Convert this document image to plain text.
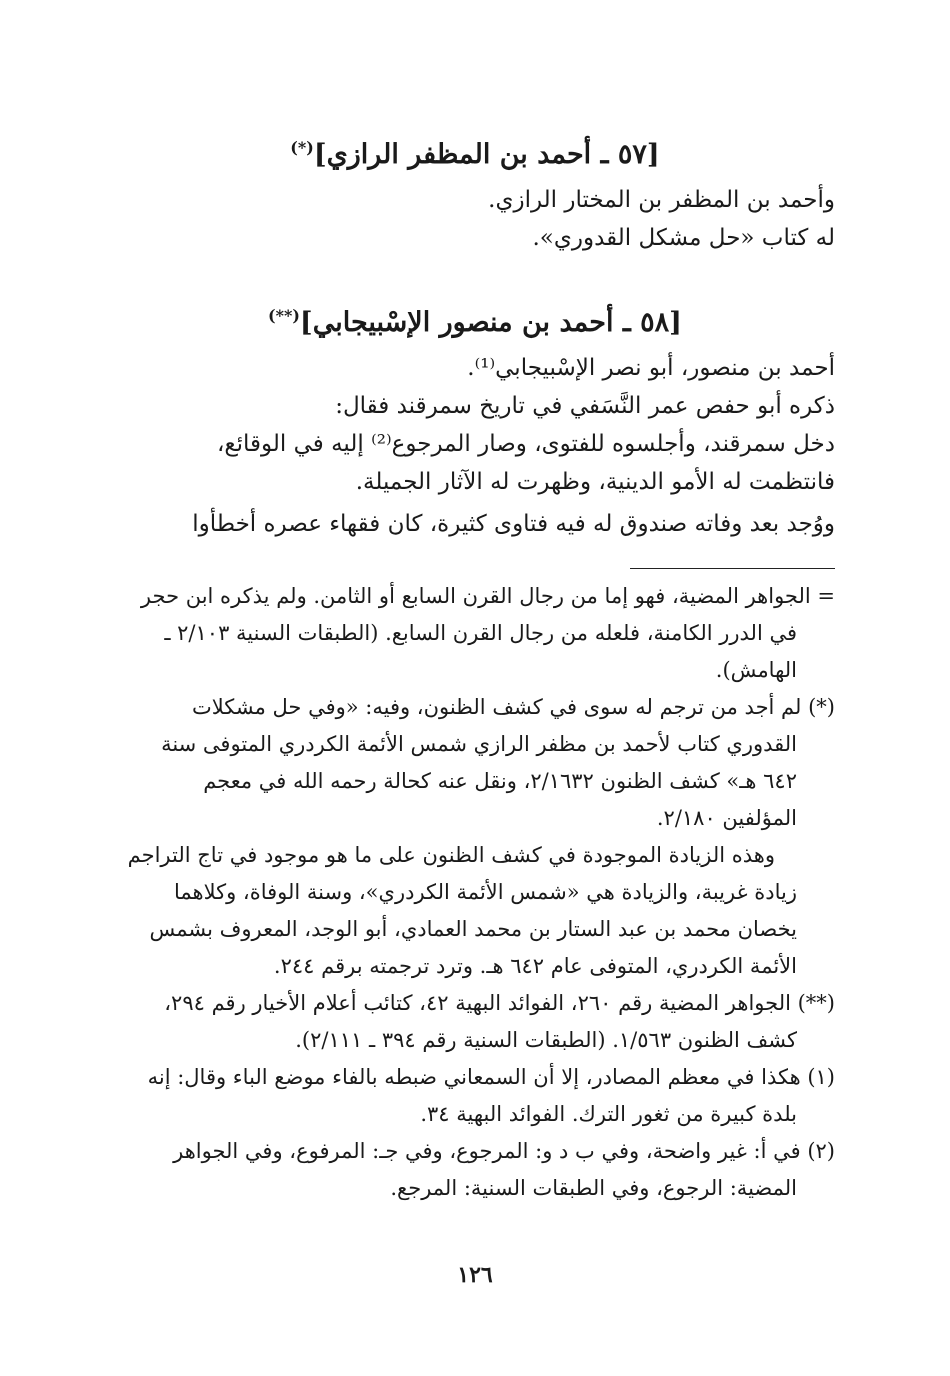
[٥٧ ـ أحمد بن المظفر الرازي](*)
وأحمد بن المظفر بن المختار الرازي.
له كتاب «حل مشكل القدوري».
[٥٨ ـ أحمد بن منصور الإسْبيجابي](**)
أحمد بن منصور، أبو نصر الإسْبيجابي⁽¹⁾.
ذكره أبو حفص عمر النَّسَفي في تاريخ سمرقند فقال:
دخل سمرقند، وأجلسوه للفتوى، وصار المرجوع⁽²⁾ إليه في الوقائع،
فانتظمت له الأمو الدينية، وظهرت له الآثار الجميلة.
ووُجد بعد وفاته صندوق له فيه فتاوى كثيرة، كان فقهاء عصره أخطأوا
= الجواهر المضية، فهو إما من رجال القرن السابع أو الثامن. ولم يذكره ابن حجر
في الدرر الكامنة، فلعله من رجال القرن السابع. (الطبقات السنية ٢/١٠٣ ـ
الهامش).
(*) لم أجد من ترجم له سوى في كشف الظنون، وفيه: «وفي حل مشكلات
القدوري كتاب لأحمد بن مظفر الرازي شمس الأئمة الكردري المتوفى سنة
٦٤٢ هـ» كشف الظنون ٢/١٦٣٢، ونقل عنه كحالة رحمه الله في معجم
المؤلفين ٢/١٨٠.
وهذه الزيادة الموجودة في كشف الظنون على ما هو موجود في تاج التراجم
زيادة غريبة، والزيادة هي «شمس الأئمة الكردري»، وسنة الوفاة، وكلاهما
يخصان محمد بن عبد الستار بن محمد العمادي، أبو الوجد، المعروف بشمس
الأئمة الكردري، المتوفى عام ٦٤٢ هـ. وترد ترجمته برقم ٢٤٤.
(**) الجواهر المضية رقم ٢٦٠، الفوائد البهية ٤٢، كتائب أعلام الأخيار رقم ٢٩٤،
كشف الظنون ١/٥٦٣. (الطبقات السنية رقم ٣٩٤ ـ ٢/١١١).
(١) هكذا في معظم المصادر، إلا أن السمعاني ضبطه بالفاء موضع الباء وقال: إنه
بلدة كبيرة من ثغور الترك. الفوائد البهية ٣٤.
(٢) في أ: غير واضحة، وفي ب د و: المرجوع، وفي جـ: المرفوع، وفي الجواهر
المضية: الرجوع، وفي الطبقات السنية: المرجع.
١٢٦
